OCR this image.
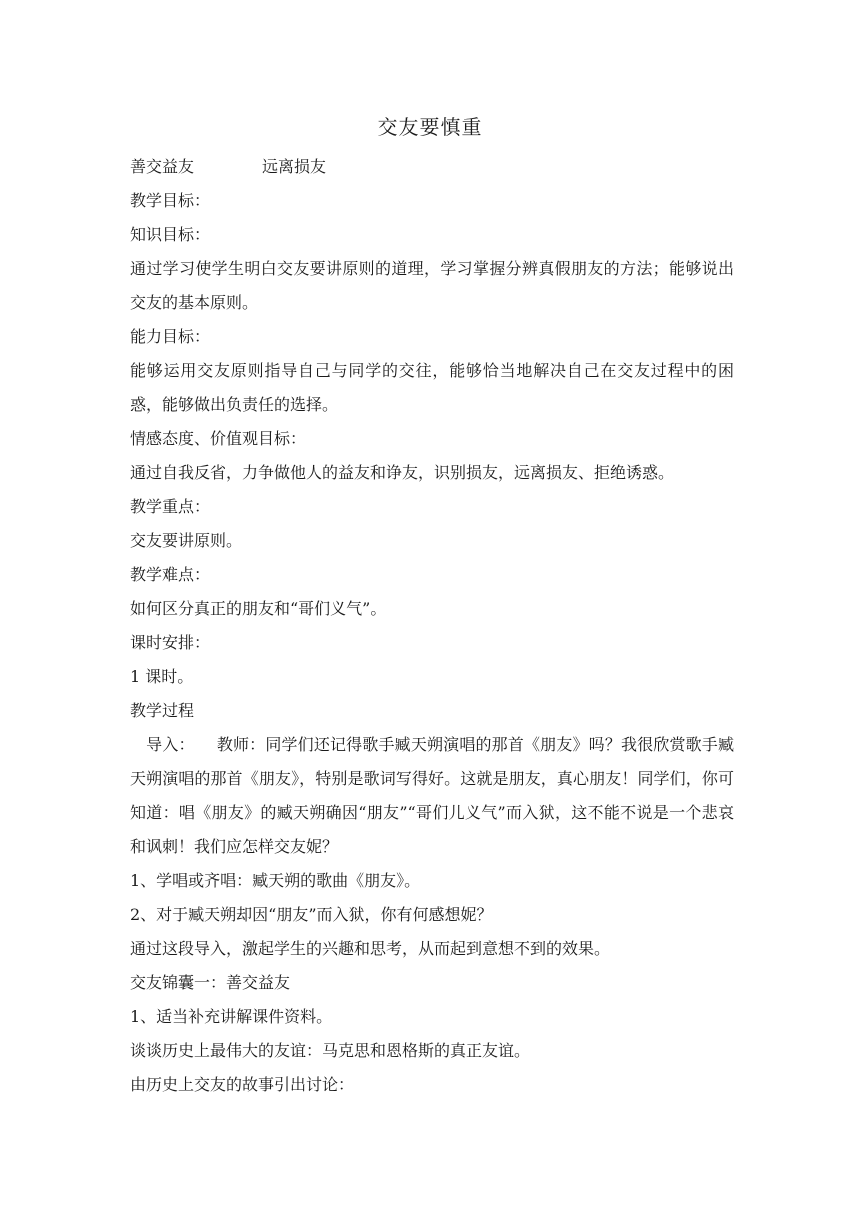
交友要慎重

善交益友	远离损友

教学目标：

知识目标：

通过学习使学生明白交友要讲原则的道理，学习掌握分辨真假朋友的方法；能够说出交友的基本原则。

能力目标：

能够运用交友原则指导自己与同学的交往，能够恰当地解决自己在交友过程中的困惑，能够做出负责任的选择。

情感态度、价值观目标：

通过自我反省，力争做他人的益友和诤友，识别损友，远离损友、拒绝诱惑。

教学重点：

交友要讲原则。

教学难点：

如何区分真正的朋友和“哥们义气”。

课时安排：

1 课时。

教学过程

导入： 教师：同学们还记得歌手臧天朔演唱的那首《朋友》吗？我很欣赏歌手臧天朔演唱的那首《朋友》，特别是歌词写得好。这就是朋友，真心朋友！同学们，你可知道：唱《朋友》的臧天朔确因“朋友”“哥们儿义气”而入狱，这不能不说是一个悲哀和讽刺！我们应怎样交友妮？

1、学唱或齐唱：臧天朔的歌曲《朋友》。

2、对于臧天朔却因“朋友”而入狱，你有何感想妮？

通过这段导入，激起学生的兴趣和思考，从而起到意想不到的效果。

交友锦囊一：善交益友

1、适当补充讲解课件资料。

谈谈历史上最伟大的友谊：马克思和恩格斯的真正友谊。

由历史上交友的故事引出讨论：
